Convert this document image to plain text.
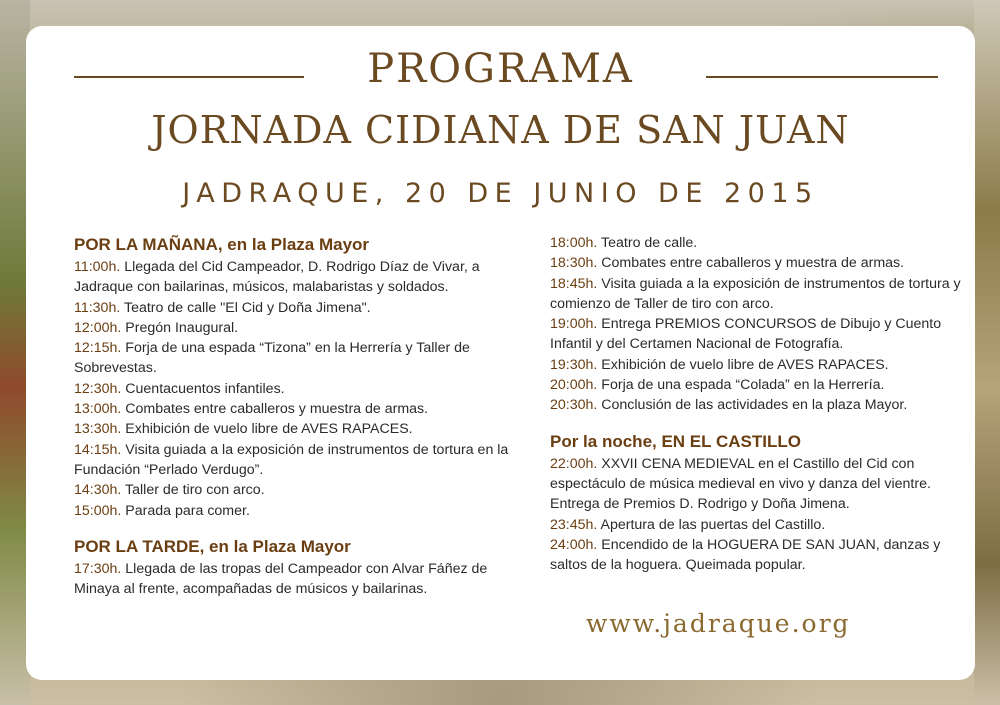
PROGRAMA
JORNADA CIDIANA DE SAN JUAN
JADRAQUE, 20 DE JUNIO DE 2015
POR LA MAÑANA, en la Plaza Mayor
11:00h. Llegada del Cid Campeador, D. Rodrigo Díaz de Vivar, a Jadraque con bailarinas, músicos, malabaristas y soldados.
11:30h. Teatro de calle "El Cid y Doña Jimena".
12:00h. Pregón Inaugural.
12:15h. Forja de una espada “Tizona” en la Herrería y Taller de Sobrevestas.
12:30h. Cuentacuentos infantiles.
13:00h. Combates entre caballeros y muestra de armas.
13:30h. Exhibición de vuelo libre de AVES RAPACES.
14:15h. Visita guiada a la exposición de instrumentos de tortura en la Fundación “Perlado Verdugo”.
14:30h. Taller de tiro con arco.
15:00h. Parada para comer.
POR LA TARDE, en la Plaza Mayor
17:30h. Llegada de las tropas del Campeador con Alvar Fáñez de Minaya al frente, acompañadas de músicos y bailarinas.
18:00h. Teatro de calle.
18:30h. Combates entre caballeros y muestra de armas.
18:45h. Visita guiada a la exposición de instrumentos de tortura y comienzo de Taller de tiro con arco.
19:00h. Entrega PREMIOS CONCURSOS de Dibujo y Cuento Infantil y del Certamen Nacional de Fotografía.
19:30h. Exhibición de vuelo libre de AVES RAPACES.
20:00h. Forja de una espada “Colada” en la Herrería.
20:30h. Conclusión de las actividades en la plaza Mayor.
Por la noche, EN EL CASTILLO
22:00h. XXVII CENA MEDIEVAL en el Castillo del Cid con espectáculo de música medieval en vivo y danza del vientre. Entrega de Premios D. Rodrigo y Doña Jimena.
23:45h. Apertura de las puertas del Castillo.
24:00h. Encendido de la HOGUERA DE SAN JUAN, danzas y saltos de la hoguera. Queimada popular.
www.jadraque.org
